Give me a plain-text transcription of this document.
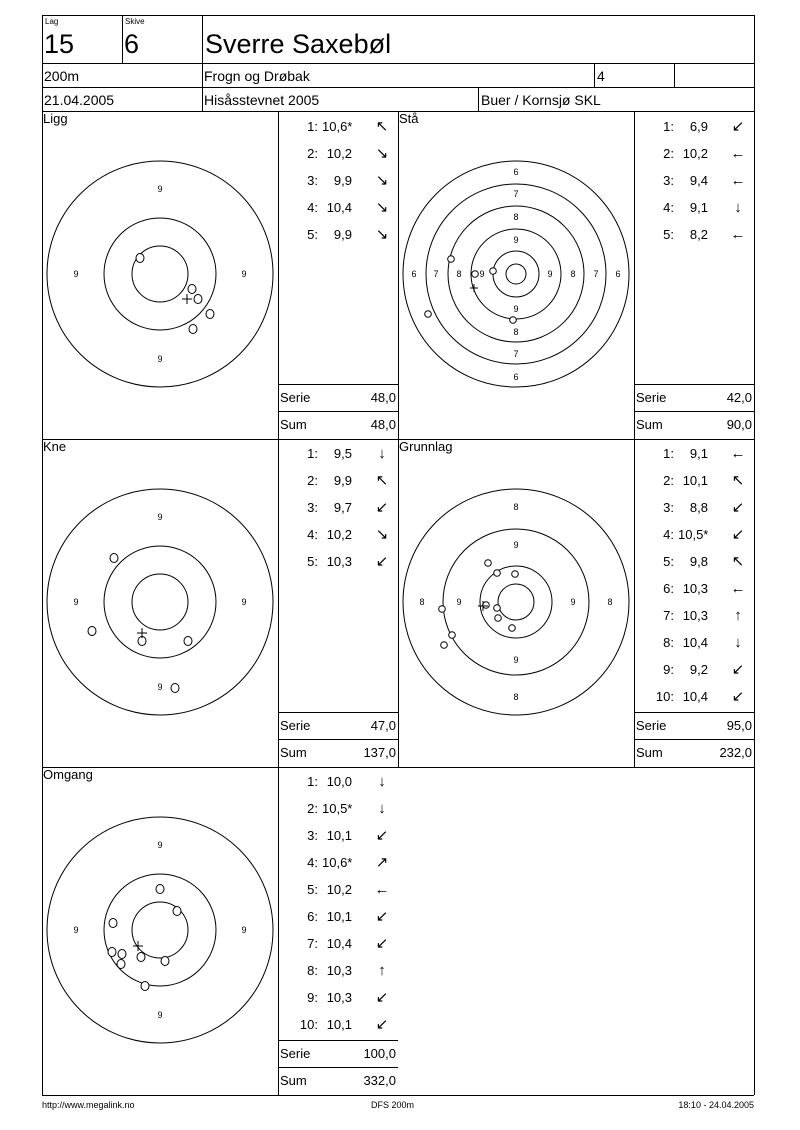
Lag
15
Skive
6 Sverre Saxebøl
200m	Frogn og Drøbak	4
21.04.2005	Hisåsstevnet 2005	Buer / Kornsjø SKL
Ligg	Stå
Kne	Grunnlag
Omgang
9
9
9	9
6
7
8
9
9
8
7
6
6 7 8 9	9 8 7 6
9
9
9	9
8
9
9
8
8	9	9	8
9
9
9	9
1: 10,6*	↖
2: 10,2	↘
3:	9,9	↘
4: 10,4	↘
5:	9,9	↘
1:	6,9	↙
2: 10,2 ←
3:	9,4 ←
4:	9,1	↓
5:	8,2 ←
1:	9,5	↓
2:	9,9	↖
3:	9,7	↙
4: 10,2	↘
5: 10,3	↙
1:	9,1 ←
2: 10,1	↖
3:	8,8	↙
4: 10,5*	↙
5:	9,8	↖
6: 10,3 ←
7: 10,3	↑
8: 10,4	↓
9:	9,2	↙
10: 10,4	↙
1: 10,0	↓
2: 10,5*	↓
3: 10,1	↙
4: 10,6*	↗
5: 10,2 ←
6: 10,1	↙
7: 10,4	↙
8: 10,3	↑
9: 10,3	↙
10: 10,1	↙
Serie	48,0
Sum	48,0
Serie	42,0
Sum	90,0
Serie	47,0
Sum	137,0
Serie	95,0
Sum	232,0
Serie	100,0
Sum	332,0
http://www.megalink.no	DFS 200m	18:10 - 24.04.2005
